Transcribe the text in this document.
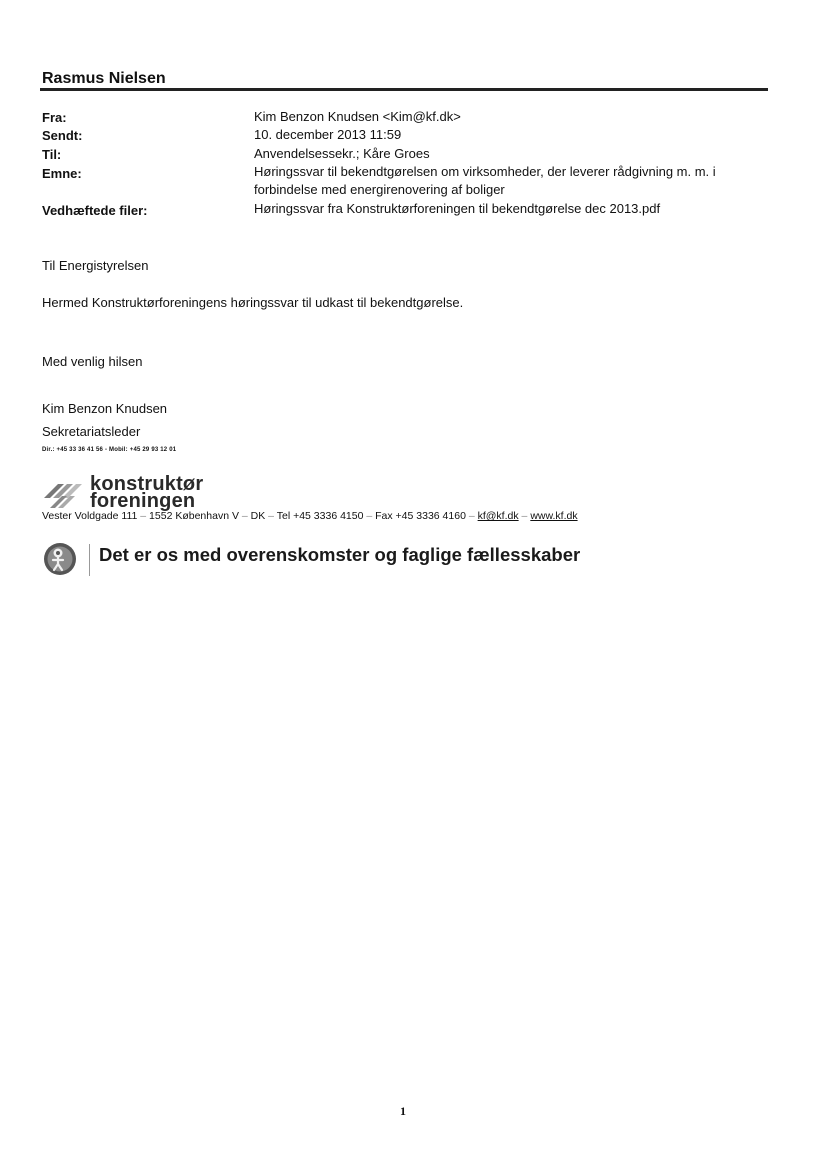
Rasmus Nielsen
Fra:	Kim Benzon Knudsen <Kim@kf.dk>
Sendt:	10. december 2013 11:59
Til:	Anvendelsessekr.; Kåre Groes
Emne:	Høringssvar til bekendtgørelsen om virksomheder, der leverer rådgivning m. m. i forbindelse med energirenovering af boliger
Vedhæftede filer:	Høringssvar fra Konstruktørforeningen til bekendtgørelse dec 2013.pdf
Til Energistyrelsen
Hermed Konstruktørforeningens høringssvar til udkast til bekendtgørelse.
Med venlig hilsen
Kim Benzon Knudsen
Sekretariatsleder
Dir.: +45 33 36 41 56 - Mobil: +45 29 93 12 01
konstruktør
foreningen
Vester Voldgade 111 – 1552 København V – DK – Tel +45 3336 4150 – Fax +45 3336 4160 – kf@kf.dk – www.kf.dk
Det er os med overenskomster og faglige fællesskaber
1
